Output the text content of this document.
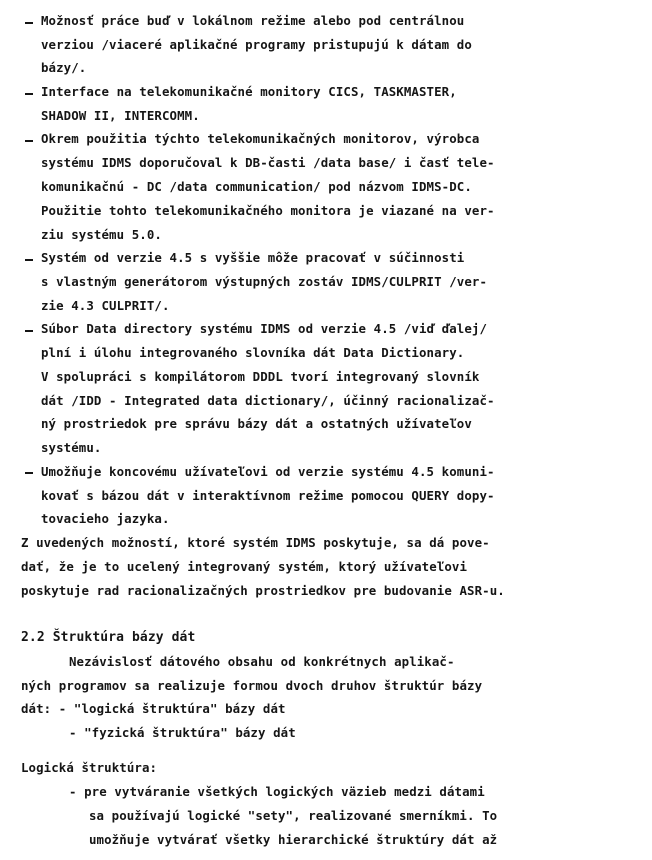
Možnosť práce buď v lokálnom režime alebo pod centrálnou
verziou /viaceré aplikačné programy pristupujú k dátam do
bázy/.
Interface na telekomunikačné monitory CICS, TASKMASTER,
SHADOW II, INTERCOMM.
Okrem použitia týchto telekomunikačných monitorov, výrobca
systému IDMS doporučoval k DB-časti /data base/ i časť tele-
komunikačnú - DC /data communication/ pod názvom IDMS-DC.
Použitie tohto telekomunikačného monitora je viazané na ver-
ziu systému 5.0.
Systém od verzie 4.5 s vyššie môže pracovať v súčinnosti
s vlastným generátorom výstupných zostáv IDMS/CULPRIT /ver-
zie 4.3 CULPRIT/.
Súbor Data directory systému IDMS od verzie 4.5 /viď ďalej/
plní i úlohu integrovaného slovníka dát Data Dictionary.
V spolupráci s kompilátorom DDDL tvorí integrovaný slovník
dát /IDD - Integrated data dictionary/, účinný racionalizač-
ný prostriedok pre správu bázy dát a ostatných užívateľov
systému.
Umožňuje koncovému užívateľovi od verzie systému 4.5 komuni-
kovať s bázou dát v interaktívnom režime pomocou QUERY dopy-
tovacieho jazyka.
Z uvedených možností, ktoré systém IDMS poskytuje, sa dá pove-
dať, že je to ucelený integrovaný systém, ktorý užívateľovi
poskytuje rad racionalizačných prostriedkov pre budovanie ASR-u.
2.2 Štruktúra bázy dát
Nezávislosť dátového obsahu od konkrétnych aplikač-
ných programov sa realizuje formou dvoch druhov štruktúr bázy
dát: - "logická štruktúra" bázy dát
- "fyzická štruktúra" bázy dát
Logická štruktúra:
- pre vytváranie všetkých logických väzieb medzi dátami
sa používajú logické "sety", realizované smerníkmi. To
umožňuje vytvárať všetky hierarchické štruktúry dát až
